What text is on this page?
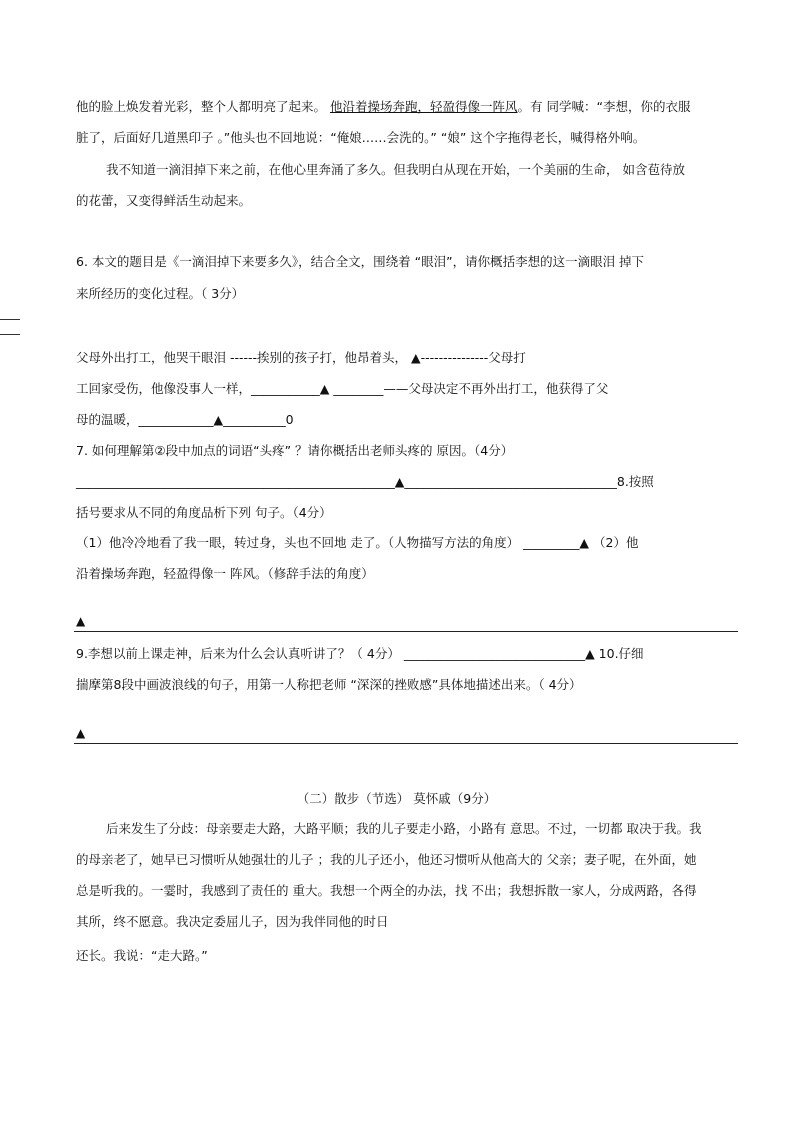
他的脸上焕发着光彩，整个人都明亮了起来。 他沿着操场奔跑，轻盈得像一阵风。有 同学喊：“李想，你的衣服
脏了，后面好几道黑印子 。”他头也不回地说：“俺娘……会洗的。” “娘” 这个字拖得老长，喊得格外响。
我不知道一滴泪掉下来之前，在他心里奔涌了多久。但我明白从现在开始，一个美丽的生命， 如含苞待放
的花蕾，又变得鲜活生动起来。
6. 本文的题目是《一滴泪掉下来要多久》，结合全文，围绕着 “眼泪”，请你概括李想的这一滴眼泪 掉下
来所经历的变化过程。（ 3分）
父母外出打工，他哭干眼泪 ------挨别的孩子打，他昂着头， ▲---------------父母打
工回家受伤，他像没事人一样，___________▲ ________——父母决定不再外出打工，他获得了父
母的温暖，____________▲__________0
7. 如何理解第②段中加点的词语“头疼” ？请你概括出老师头疼的 原因。（4分）
___________________________________________________▲__________________________________8.按照
括号要求从不同的角度品析下列 句子。（4分）
（1）他冷冷地看了我一眼，转过身，头也不回地 走了。（人物描写方法的角度） _________▲ （2）他
沿着操场奔跑，轻盈得像一 阵风。（修辞手法的角度）
▲
9.李想以前上课走神，后来为什么会认真听讲了？（ 4分） _____________________________▲ 10.仔细
揣摩第8段中画波浪线的句子，用第一人称把老师 “深深的挫败感”具体地描述出来。（ 4分）
▲
（二）散步（节选） 莫怀戚（9分）
后来发生了分歧：母亲要走大路，大路平顺；我的儿子要走小路，小路有 意思。不过，一切都 取决于我。我
的母亲老了，她早已习惯听从她强壮的儿子 ；我的儿子还小，他还习惯听从他高大的 父亲；妻子呢，在外面，她
总是听我的。一霎时，我感到了责任的 重大。我想一个两全的办法，找 不出；我想拆散一家人，分成两路，各得
其所，终不愿意。我决定委屈儿子，因为我伴同他的时日
还长。我说：“走大路。”
